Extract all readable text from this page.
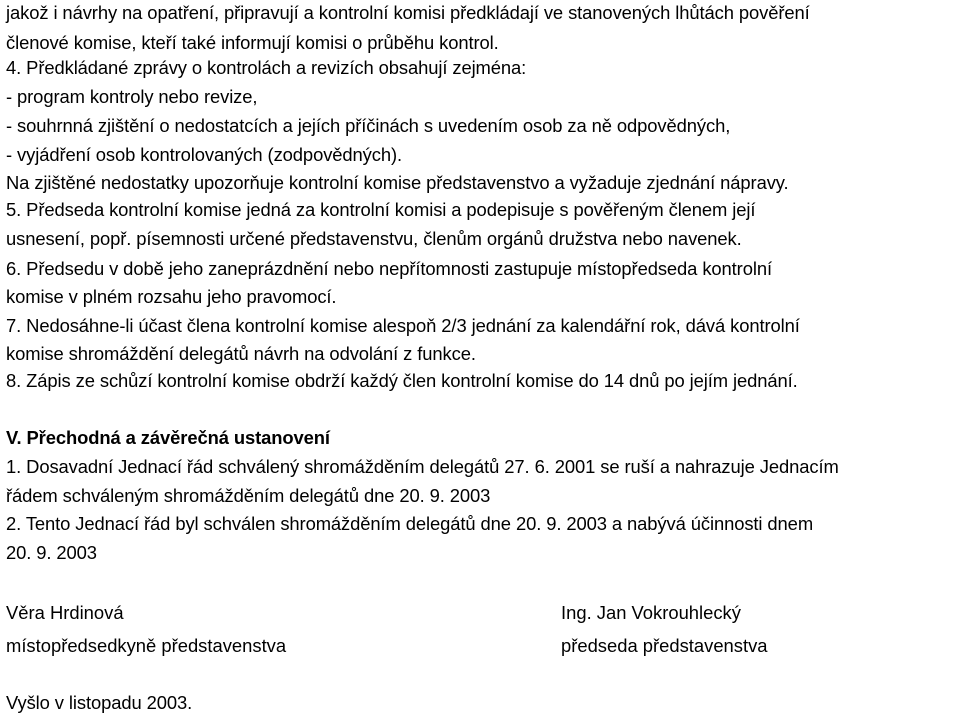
jakož i návrhy na opatření, připravují a kontrolní komisi předkládají ve stanovených lhůtách pověření
členové komise, kteří také informují komisi o průběhu kontrol.
4. Předkládané zprávy o kontrolách a revizích obsahují zejména:
- program kontroly nebo revize,
- souhrnná zjištění o nedostatcích a jejích příčinách s uvedením osob za ně odpovědných,
- vyjádření osob kontrolovaných (zodpovědných).
Na zjištěné nedostatky upozorňuje kontrolní komise představenstvo a vyžaduje zjednání nápravy.
5. Předseda kontrolní komise jedná za kontrolní komisi a podepisuje s pověřeným členem její
usnesení, popř. písemnosti určené představenstvu, členům orgánů družstva nebo navenek.
6. Předsedu v době jeho zaneprázdnění nebo nepřítomnosti zastupuje místopředseda kontrolní
komise v plném rozsahu jeho pravomocí.
7. Nedosáhne-li účast člena kontrolní komise alespoň 2/3 jednání za kalendářní rok, dává kontrolní
komise shromáždění delegátů návrh na odvolání z funkce.
8. Zápis ze schůzí kontrolní komise obdrží každý člen kontrolní komise do 14 dnů po jejím jednání.
V. Přechodná a závěrečná ustanovení
1. Dosavadní Jednací řád schválený shromážděním delegátů 27. 6. 2001 se ruší a nahrazuje Jednacím
řádem schváleným shromážděním delegátů dne 20. 9. 2003
2. Tento Jednací řád byl schválen shromážděním delegátů dne 20. 9. 2003 a nabývá účinnosti dnem
20. 9. 2003
Věra Hrdinová
místopředsedkyně představenstva
Ing. Jan Vokrouhlecký
předseda představenstva
Vyšlo v listopadu 2003.
